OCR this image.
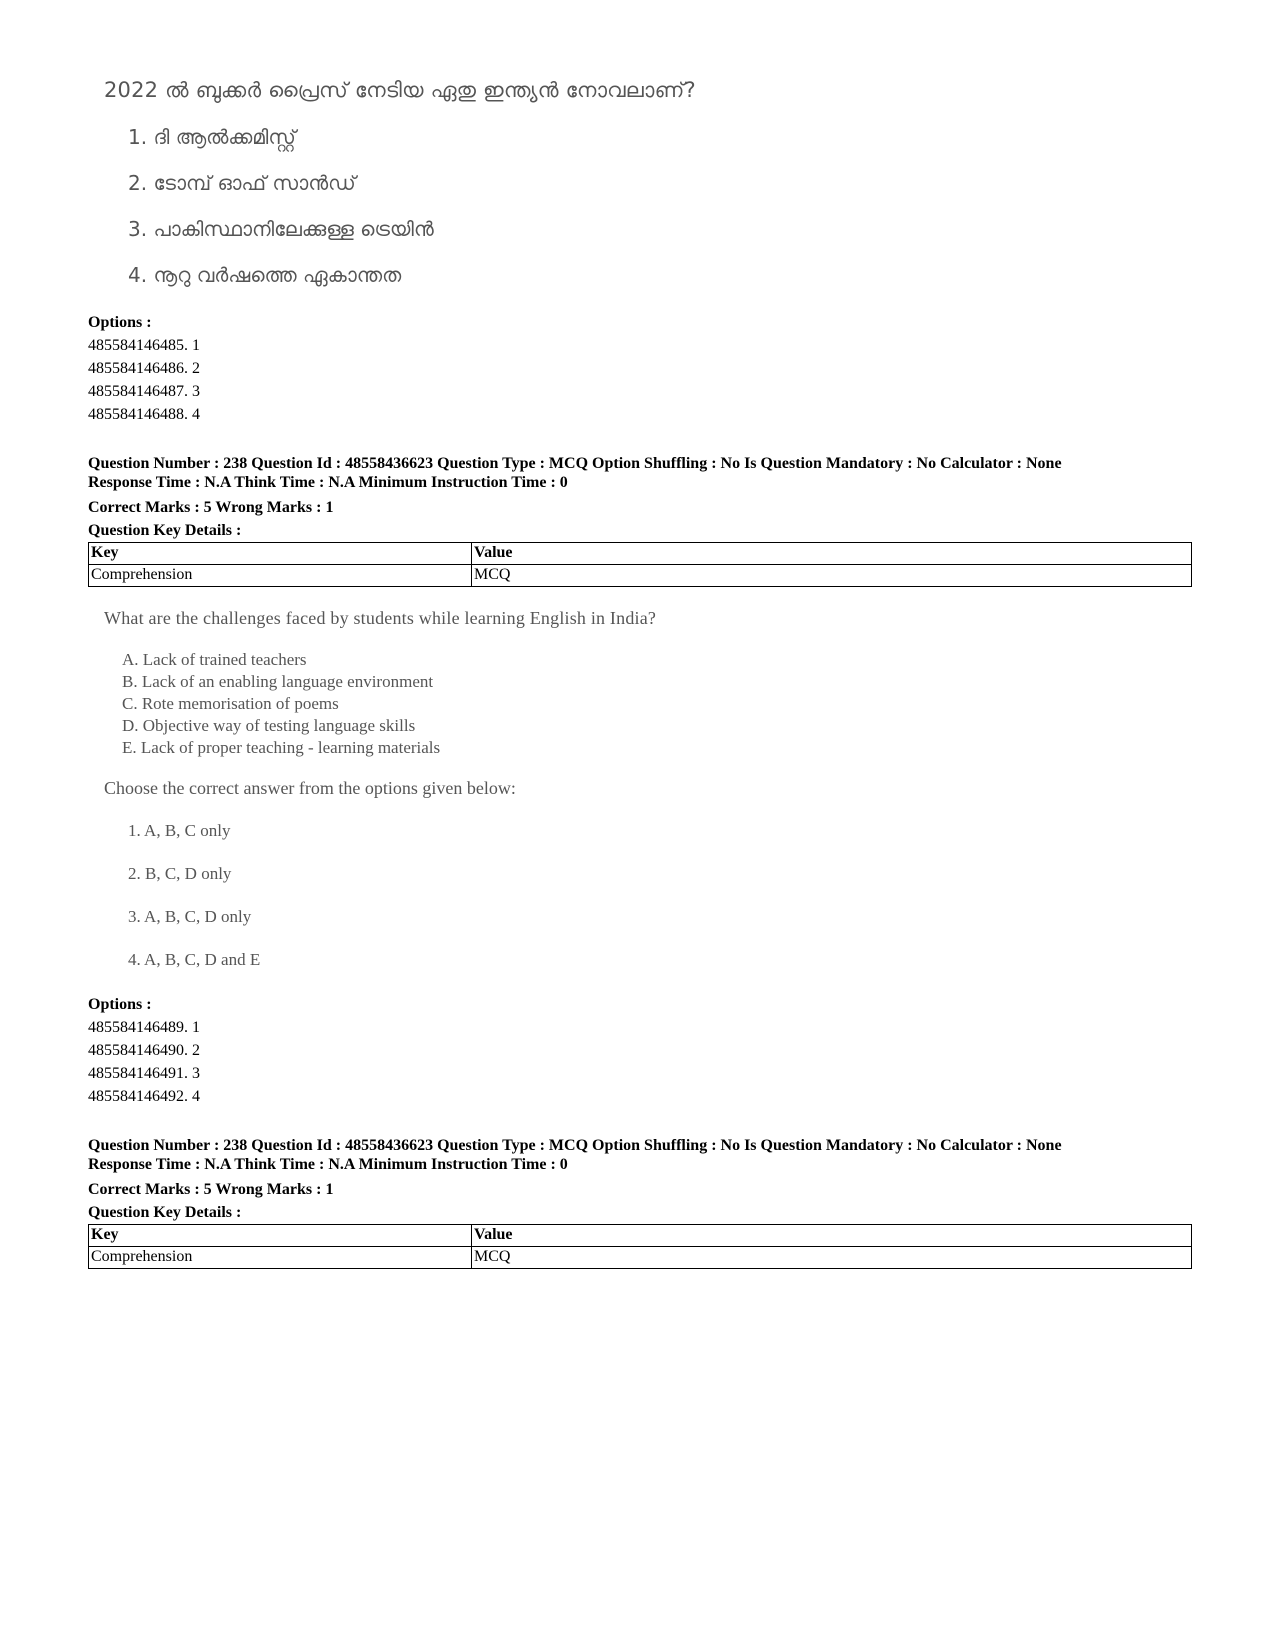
2022 ൽ ബുക്കർ പ്രൈസ് നേടിയ ഏതു ഇന്ത്യൻ നോവലാണ്?
1. ദി ആൽക്കമിസ്റ്റ്
2. ടോമ്പ് ഓഫ് സാൻഡ്
3. പാകിസ്ഥാനിലേക്കുള്ള ട്രെയിൻ
4. നൂറു വർഷത്തെ ഏകാന്തത
Options :
485584146485. 1
485584146486. 2
485584146487. 3
485584146488. 4
Question Number : 238 Question Id : 48558436623 Question Type : MCQ Option Shuffling : No Is Question Mandatory : No Calculator : None
Response Time : N.A Think Time : N.A Minimum Instruction Time : 0
Correct Marks : 5 Wrong Marks : 1
Question Key Details :
Key	Value
Comprehension	MCQ
What are the challenges faced by students while learning English in India?
A. Lack of trained teachers
B. Lack of an enabling language environment
C. Rote memorisation of poems
D. Objective way of testing language skills
E. Lack of proper teaching - learning materials
Choose the correct answer from the options given below:
1. A, B, C only
2. B, C, D only
3. A, B, C, D only
4. A, B, C, D and E
Options :
485584146489. 1
485584146490. 2
485584146491. 3
485584146492. 4
Question Number : 238 Question Id : 48558436623 Question Type : MCQ Option Shuffling : No Is Question Mandatory : No Calculator : None
Response Time : N.A Think Time : N.A Minimum Instruction Time : 0
Correct Marks : 5 Wrong Marks : 1
Question Key Details :
Key	Value
Comprehension	MCQ
